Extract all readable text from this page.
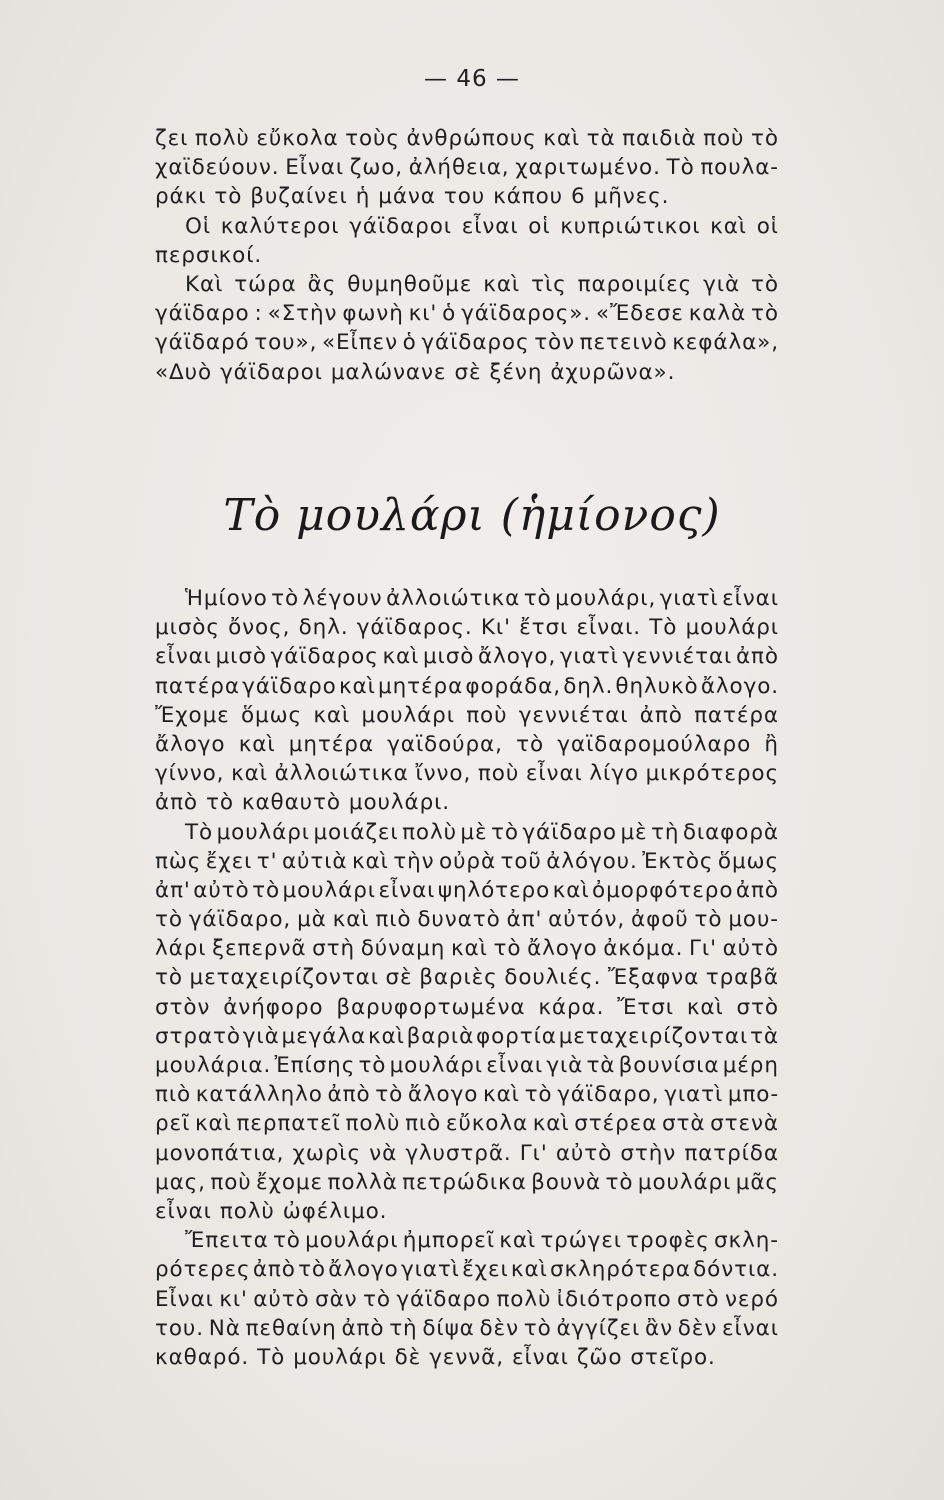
— 46 —
ζει πολὺ εὔκολα τοὺς ἀνθρώπους καὶ τὰ παιδιὰ ποὺ τὸ
χαϊδεύουν. Εἶναι ζωο, ἀλήθεια, χαριτωμένο. Τὸ πουλα-
ράκι τὸ βυζαίνει ἡ μάνα του κάπου 6 μῆνες.
Οἱ καλύτεροι γάϊδαροι εἶναι οἱ κυπριώτικοι καὶ οἱ
περσικοί.
Καὶ τώρα ἂς θυμηθοῦμε καὶ τὶς παροιμίες γιὰ τὸ
γάϊδαρο : «Στὴν φωνὴ κι' ὁ γάϊδαρος». «Ἔδεσε καλὰ τὸ
γάϊδαρό του», «Εἶπεν ὁ γάϊδαρος τὸν πετεινὸ κεφάλα»,
«Δυὸ γάϊδαροι μαλώνανε σὲ ξένη ἀχυρῶνα».
Τὸ μουλάρι (ἡμίονος)
Ἡμίονο τὸ λέγουν ἀλλοιώτικα τὸ μουλάρι, γιατὶ εἶναι
μισὸς ὄνος, δηλ. γάϊδαρος. Κι' ἔτσι εἶναι. Τὸ μουλάρι
εἶναι μισὸ γάϊδαρος καὶ μισὸ ἄλογο, γιατὶ γεννιέται ἀπὸ
πατέρα γάϊδαρο καὶ μητέρα φοράδα, δηλ. θηλυκὸ ἄλογο.
Ἔχομε ὅμως καὶ μουλάρι ποὺ γεννιέται ἀπὸ πατέρα
ἄλογο καὶ μητέρα γαϊδούρα, τὸ γαϊδαρομούλαρο ἢ
γίννο, καὶ ἀλλοιώτικα ἴννο, ποὺ εἶναι λίγο μικρότερος
ἀπὸ τὸ καθαυτὸ μουλάρι.
Τὸ μουλάρι μοιάζει πολὺ μὲ τὸ γάϊδαρο μὲ τὴ διαφορὰ
πὼς ἔχει τ' αὐτιὰ καὶ τὴν οὐρὰ τοῦ ἀλόγου. Ἐκτὸς ὅμως
ἀπ' αὐτὸ τὸ μουλάρι εἶναι ψηλότερο καὶ ὀμορφότερο ἀπὸ
τὸ γάϊδαρο, μὰ καὶ πιὸ δυνατὸ ἀπ' αὐτόν, ἀφοῦ τὸ μου-
λάρι ξεπερνᾶ στὴ δύναμη καὶ τὸ ἄλογο ἀκόμα. Γι' αὐτὸ
τὸ μεταχειρίζονται σὲ βαριὲς δουλιές. Ἔξαφνα τραβᾶ
στὸν ἀνήφορο βαρυφορτωμένα κάρα. Ἔτσι καὶ στὸ
στρατὸ γιὰ μεγάλα καὶ βαριὰ φορτία μεταχειρίζονται τὰ
μουλάρια. Ἐπίσης τὸ μουλάρι εἶναι γιὰ τὰ βουνίσια μέρη
πιὸ κατάλληλο ἀπὸ τὸ ἄλογο καὶ τὸ γάϊδαρο, γιατὶ μπο-
ρεῖ καὶ περπατεῖ πολὺ πιὸ εὔκολα καὶ στέρεα στὰ στενὰ
μονοπάτια, χωρὶς νὰ γλυστρᾶ. Γι' αὐτὸ στὴν πατρίδα
μας, ποὺ ἔχομε πολλὰ πετρώδικα βουνὰ τὸ μουλάρι μᾶς
εἶναι πολὺ ὠφέλιμο.
Ἔπειτα τὸ μουλάρι ἠμπορεῖ καὶ τρώγει τροφὲς σκλη-
ρότερες ἀπὸ τὸ ἄλογο γιατὶ ἔχει καὶ σκληρότερα δόντια.
Εἶναι κι' αὐτὸ σὰν τὸ γάϊδαρο πολὺ ἰδιότροπο στὸ νερό
του. Νὰ πεθαίνη ἀπὸ τὴ δίψα δὲν τὸ ἀγγίζει ἂν δὲν εἶναι
καθαρό. Τὸ μουλάρι δὲ γεννᾶ, εἶναι ζῶο στεῖρο.
